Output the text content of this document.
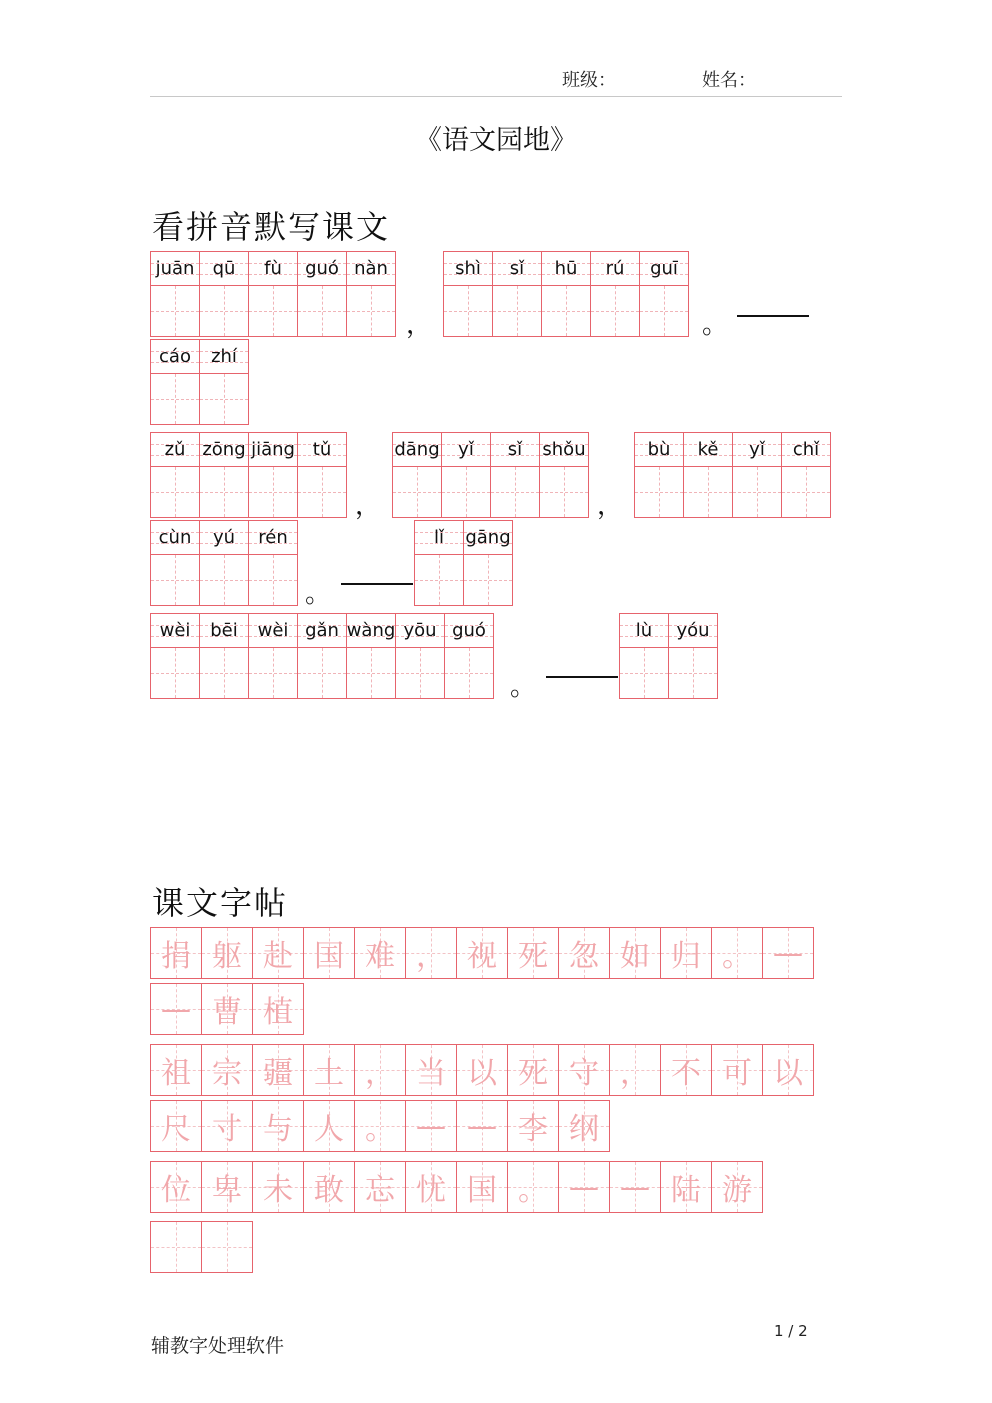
班级：	姓名：
《语文园地》
看拼音默写课文
juān qū fù guó nàn
，
shì sǐ hū rú guī
。
cáo zhí
zǔ zōng jiāng tǔ
，
dāng yǐ sǐ shǒu
，
bù kě yǐ chǐ
cùn yú rén
。
lǐ gāng
wèi bēi wèi gǎn wàng yōu guó
。
lù yóu
课文字帖
捐 躯 赴 国 难 ， 视 死 忽 如 归 。 —
— 曹 植
祖 宗 疆 土 ， 当 以 死 守 ， 不 可 以
尺 寸 与 人 。 — — 李 纲
位 卑 未 敢 忘 忧 国 。 — — 陆 游
1 / 2
辅教字处理软件
